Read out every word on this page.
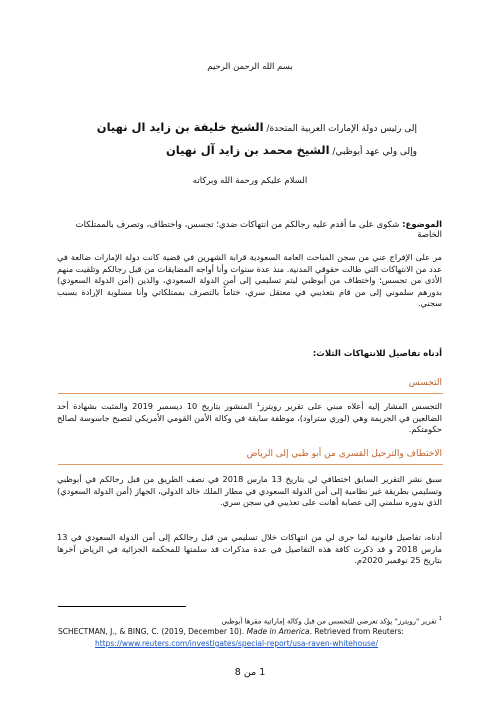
بسم الله الرحمن الرحيم
إلى رئيس دولة الإمارات العربية المتحدة/ الشيخ خليفة بن زايد ال نهيان
وإلى ولي عهد أبوظبي/ الشيخ محمد بن زايد آل نهيان
السلام عليكم ورحمة الله وبركاته
الموضوع: شكوى على ما أقدم عليه رجالكم من انتهاكات ضدي؛ تجسس، واختطاف، وتصرف بالممتلكات الخاصة
مر على الإفراج عني من سجن المباحث العامة السعودية قرابة الشهرين في قضية كانت دولة الإمارات ضالعة في عدد من الانتهاكات التي طالت حقوقي المدنية. منذ عدة سنوات وأنا أواجه المضايقات من قبل رجالكم وتلقيت منهم الأذى من تجسس؛ واختطاف من أبوظبي ليتم تسليمي إلى أمن الدولة السعودي، والذين (أمن الدولة السعودي) بدورهم سلموني إلى من قام بتعذيبي في معتقل سري، ختاماً بالتصرف بممتلكاتي وأنا مسلوبة الإرادة بسبب سجني.
أدناه تفاصيل للانتهاكات الثلاث:
التجسس
التجسس المشار إليه أعلاه مبني على تقرير رويترز¹ المنشور بتاريخ 10 ديسمبر 2019 والمثبت بشهادة أحد الضالعين في الجريمة وهي (لوري ستراود)، موظفة سابقة في وكالة الأمن القومي الأمريكي لتصبح جاسوسة لصالح حكومتكم.
الاختطاف والترحيل القسري من أبو ظبي إلى الرياض
سبق نشر التقرير السابق اختطافي لي بتاريخ 13 مارس 2018 في نصف الطريق من قبل رجالكم في أبوظبي وتسليمي بطريقة غير نظامية إلى أمن الدولة السعودي في مطار الملك خالد الدولي، الجهاز (أمن الدولة السعودي) الذي بدوره سلمني إلى عصابة أهانت على تعذيبي في سجن سري.
أدناه، تفاصيل قانونية لما جرى لي من انتهاكات خلال تسليمي من قبل رجالكم إلى أمن الدولة السعودي في 13 مارس 2018 و قد ذكرت كافة هذه التفاصيل في عدة مذكرات قد سلمتها للمحكمة الجزائية في الرياض آخرها بتاريخ 25 نوفمبر 2020م.
$^1$ تقرير "رويترز" يؤكد تعرضي للتجسس من قبل وكالة إماراتية مقرها أبوظبي
SCHECTMAN, J., & BING, C. (2019, December 10). Made in America. Retrieved from Reuters:
https://www.reuters.com/investigates/special-report/usa-raven-whitehouse/
1 من 8
